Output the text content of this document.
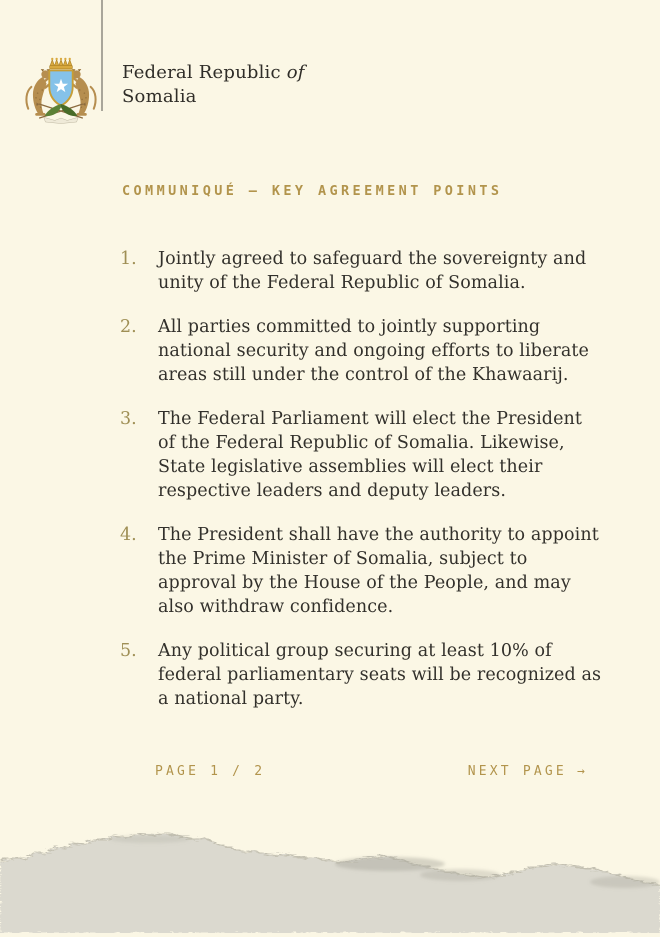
Federal Republic of
Somalia
COMMUNIQUÉ — KEY AGREEMENT POINTS
1.	Jointly agreed to safeguard the sovereignty and unity of the Federal Republic of Somalia.
2.	All parties committed to jointly supporting national security and ongoing efforts to liberate areas still under the control of the Khawaarij.
3.	The Federal Parliament will elect the President of the Federal Republic of Somalia. Likewise, State legislative assemblies will elect their respective leaders and deputy leaders.
4.	The President shall have the authority to appoint the Prime Minister of Somalia, subject to approval by the House of the People, and may also withdraw confidence.
5.	Any political group securing at least 10% of federal parliamentary seats will be recognized as a national party.
PAGE 1 / 2	NEXT PAGE →
